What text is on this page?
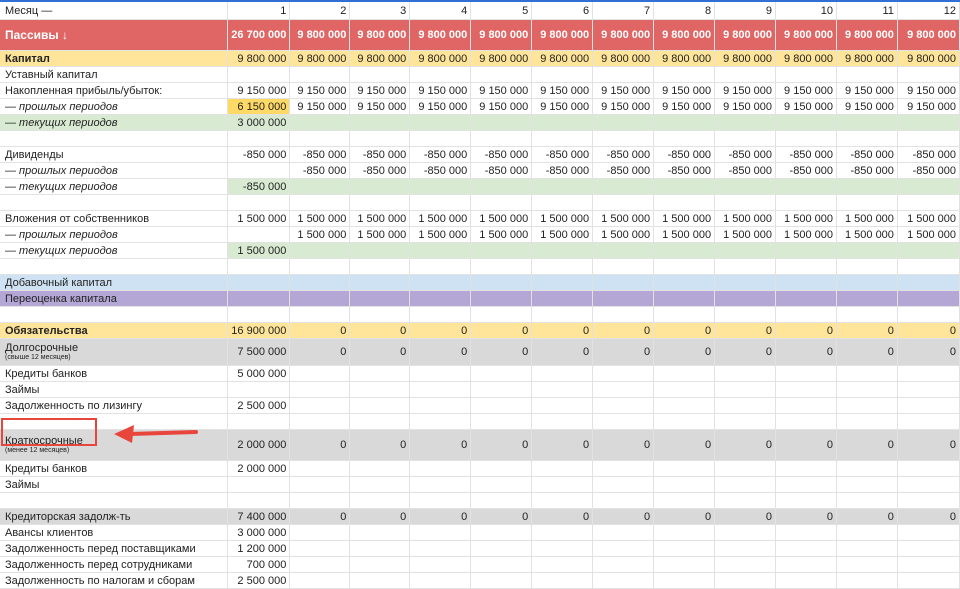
Месяц —	1	2	3	4	5	6	7	8	9	10	11	12
Пассивы ↓	26 700 000	9 800 000	9 800 000	9 800 000	9 800 000	9 800 000	9 800 000	9 800 000	9 800 000	9 800 000	9 800 000	9 800 000
Капитал	9 800 000	9 800 000	9 800 000	9 800 000	9 800 000	9 800 000	9 800 000	9 800 000	9 800 000	9 800 000	9 800 000	9 800 000
Уставный капитал												
Накопленная прибыль/убыток:	9 150 000	9 150 000	9 150 000	9 150 000	9 150 000	9 150 000	9 150 000	9 150 000	9 150 000	9 150 000	9 150 000	9 150 000
— прошлых периодов	6 150 000	9 150 000	9 150 000	9 150 000	9 150 000	9 150 000	9 150 000	9 150 000	9 150 000	9 150 000	9 150 000	9 150 000
— текущих периодов	3 000 000											

Дивиденды	-850 000	-850 000	-850 000	-850 000	-850 000	-850 000	-850 000	-850 000	-850 000	-850 000	-850 000	-850 000
— прошлых периодов		-850 000	-850 000	-850 000	-850 000	-850 000	-850 000	-850 000	-850 000	-850 000	-850 000	-850 000
— текущих периодов	-850 000											

Вложения от собственников	1 500 000	1 500 000	1 500 000	1 500 000	1 500 000	1 500 000	1 500 000	1 500 000	1 500 000	1 500 000	1 500 000	1 500 000
— прошлых периодов		1 500 000	1 500 000	1 500 000	1 500 000	1 500 000	1 500 000	1 500 000	1 500 000	1 500 000	1 500 000	1 500 000
— текущих периодов	1 500 000											

Добавочный капитал												
Переоценка капитала												

Обязательства	16 900 000	0	0	0	0	0	0	0	0	0	0	0

Долгосрочные
(свыше 12 месяцев)	7 500 000	0	0	0	0	0	0	0	0	0	0	0
Кредиты банков	5 000 000											
Займы												
Задолженность по лизингу	2 500 000											

Краткосрочные
(менее 12 месяцев)	2 000 000	0	0	0	0	0	0	0	0	0	0	0
Кредиты банков	2 000 000											
Займы												

Кредиторская задолж-ть	7 400 000	0	0	0	0	0	0	0	0	0	0	0
Авансы клиентов	3 000 000											
Задолженность перед поставщиками	1 200 000											
Задолженность перед сотрудниками	700 000											
Задолженность по налогам и сборам	2 500 000											
